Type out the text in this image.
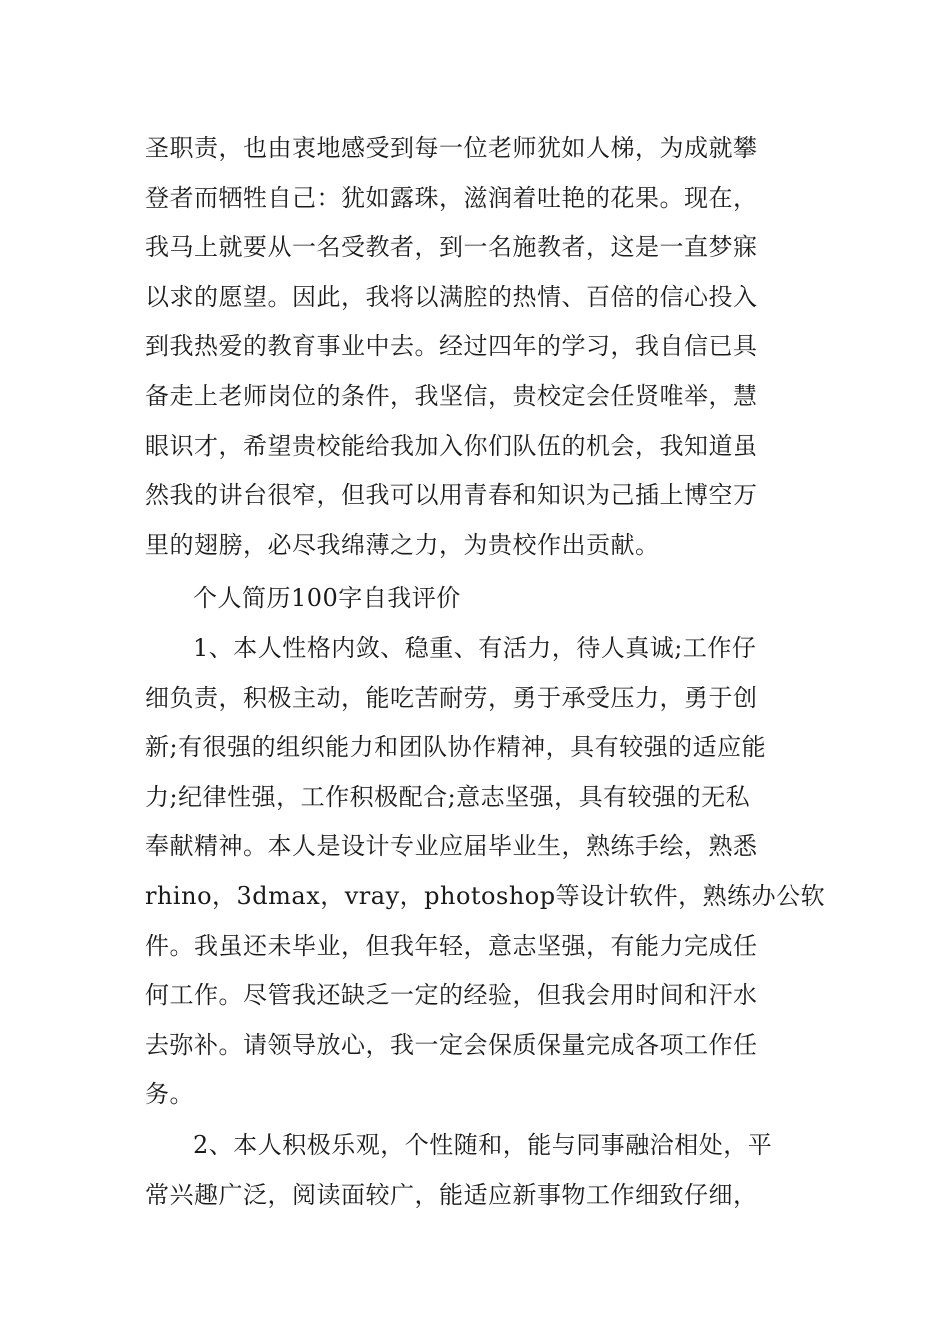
圣职责，也由衷地感受到每一位老师犹如人梯，为成就攀
登者而牺牲自己：犹如露珠，滋润着吐艳的花果。现在，
我马上就要从一名受教者，到一名施教者，这是一直梦寐
以求的愿望。因此，我将以满腔的热情、百倍的信心投入
到我热爱的教育事业中去。经过四年的学习，我自信已具
备走上老师岗位的条件，我坚信，贵校定会任贤唯举，慧
眼识才，希望贵校能给我加入你们队伍的机会，我知道虽
然我的讲台很窄，但我可以用青春和知识为己插上博空万
里的翅膀，必尽我绵薄之力，为贵校作出贡献。
个人简历100字自我评价
1、本人性格内敛、稳重、有活力，待人真诚;工作仔
细负责，积极主动，能吃苦耐劳，勇于承受压力，勇于创
新;有很强的组织能力和团队协作精神，具有较强的适应能
力;纪律性强，工作积极配合;意志坚强，具有较强的无私
奉献精神。本人是设计专业应届毕业生，熟练手绘，熟悉
rhino，3dmax，vray，photoshop等设计软件，熟练办公软
件。我虽还未毕业，但我年轻，意志坚强，有能力完成任
何工作。尽管我还缺乏一定的经验，但我会用时间和汗水
去弥补。请领导放心，我一定会保质保量完成各项工作任
务。
2、本人积极乐观，个性随和，能与同事融洽相处，平
常兴趣广泛，阅读面较广，能适应新事物工作细致仔细，
